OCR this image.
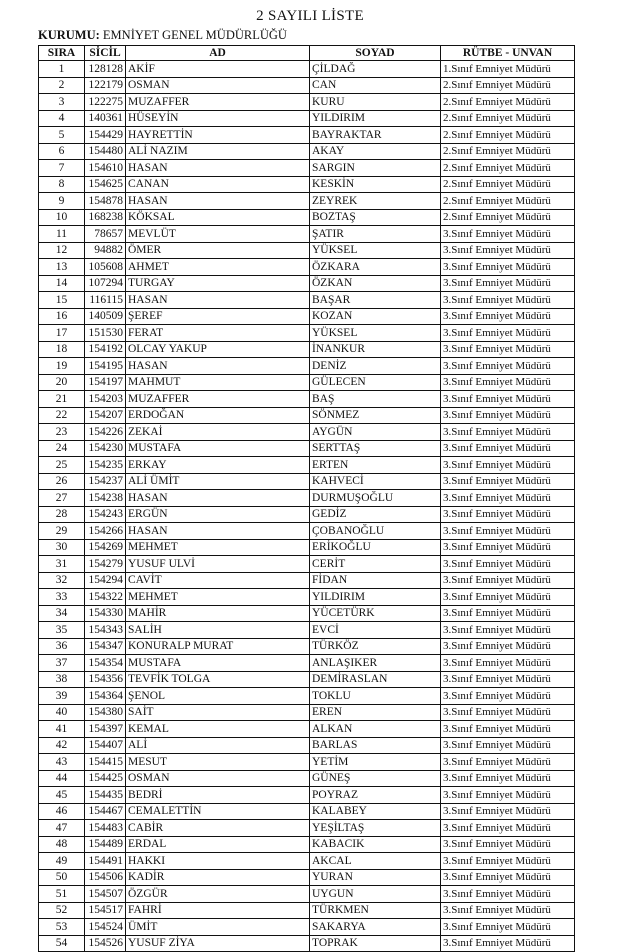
2 SAYILI LİSTE
KURUMU: EMNİYET GENEL MÜDÜRLÜĞÜ
SIRA	SİCİL	AD	SOYAD	RÜTBE - UNVAN
1	128128	AKİF	ÇİLDAĞ	1.Sınıf Emniyet Müdürü
2	122179	OSMAN	CAN	2.Sınıf Emniyet Müdürü
3	122275	MUZAFFER	KURU	2.Sınıf Emniyet Müdürü
4	140361	HÜSEYİN	YILDIRIM	2.Sınıf Emniyet Müdürü
5	154429	HAYRETTİN	BAYRAKTAR	2.Sınıf Emniyet Müdürü
6	154480	ALİ NAZIM	AKAY	2.Sınıf Emniyet Müdürü
7	154610	HASAN	SARGIN	2.Sınıf Emniyet Müdürü
8	154625	CANAN	KESKİN	2.Sınıf Emniyet Müdürü
9	154878	HASAN	ZEYREK	2.Sınıf Emniyet Müdürü
10	168238	KÖKSAL	BOZTAŞ	2.Sınıf Emniyet Müdürü
11	78657	MEVLÜT	ŞATIR	3.Sınıf Emniyet Müdürü
12	94882	ÖMER	YÜKSEL	3.Sınıf Emniyet Müdürü
13	105608	AHMET	ÖZKARA	3.Sınıf Emniyet Müdürü
14	107294	TURGAY	ÖZKAN	3.Sınıf Emniyet Müdürü
15	116115	HASAN	BAŞAR	3.Sınıf Emniyet Müdürü
16	140509	ŞEREF	KOZAN	3.Sınıf Emniyet Müdürü
17	151530	FERAT	YÜKSEL	3.Sınıf Emniyet Müdürü
18	154192	OLCAY YAKUP	İNANKUR	3.Sınıf Emniyet Müdürü
19	154195	HASAN	DENİZ	3.Sınıf Emniyet Müdürü
20	154197	MAHMUT	GÜLECEN	3.Sınıf Emniyet Müdürü
21	154203	MUZAFFER	BAŞ	3.Sınıf Emniyet Müdürü
22	154207	ERDOĞAN	SÖNMEZ	3.Sınıf Emniyet Müdürü
23	154226	ZEKAİ	AYGÜN	3.Sınıf Emniyet Müdürü
24	154230	MUSTAFA	SERTTAŞ	3.Sınıf Emniyet Müdürü
25	154235	ERKAY	ERTEN	3.Sınıf Emniyet Müdürü
26	154237	ALİ ÜMİT	KAHVECİ	3.Sınıf Emniyet Müdürü
27	154238	HASAN	DURMUŞOĞLU	3.Sınıf Emniyet Müdürü
28	154243	ERGÜN	GEDİZ	3.Sınıf Emniyet Müdürü
29	154266	HASAN	ÇOBANOĞLU	3.Sınıf Emniyet Müdürü
30	154269	MEHMET	ERİKOĞLU	3.Sınıf Emniyet Müdürü
31	154279	YUSUF ULVİ	CERİT	3.Sınıf Emniyet Müdürü
32	154294	CAVİT	FİDAN	3.Sınıf Emniyet Müdürü
33	154322	MEHMET	YILDIRIM	3.Sınıf Emniyet Müdürü
34	154330	MAHİR	YÜCETÜRK	3.Sınıf Emniyet Müdürü
35	154343	SALİH	EVCİ	3.Sınıf Emniyet Müdürü
36	154347	KONURALP MURAT	TÜRKÖZ	3.Sınıf Emniyet Müdürü
37	154354	MUSTAFA	ANLAŞIKER	3.Sınıf Emniyet Müdürü
38	154356	TEVFİK TOLGA	DEMİRASLAN	3.Sınıf Emniyet Müdürü
39	154364	ŞENOL	TOKLU	3.Sınıf Emniyet Müdürü
40	154380	SAİT	EREN	3.Sınıf Emniyet Müdürü
41	154397	KEMAL	ALKAN	3.Sınıf Emniyet Müdürü
42	154407	ALİ	BARLAS	3.Sınıf Emniyet Müdürü
43	154415	MESUT	YETİM	3.Sınıf Emniyet Müdürü
44	154425	OSMAN	GÜNEŞ	3.Sınıf Emniyet Müdürü
45	154435	BEDRİ	POYRAZ	3.Sınıf Emniyet Müdürü
46	154467	CEMALETTİN	KALABEY	3.Sınıf Emniyet Müdürü
47	154483	CABİR	YEŞİLTAŞ	3.Sınıf Emniyet Müdürü
48	154489	ERDAL	KABACIK	3.Sınıf Emniyet Müdürü
49	154491	HAKKI	AKCAL	3.Sınıf Emniyet Müdürü
50	154506	KADİR	YURAN	3.Sınıf Emniyet Müdürü
51	154507	ÖZGÜR	UYGUN	3.Sınıf Emniyet Müdürü
52	154517	FAHRİ	TÜRKMEN	3.Sınıf Emniyet Müdürü
53	154524	ÜMİT	SAKARYA	3.Sınıf Emniyet Müdürü
54	154526	YUSUF ZİYA	TOPRAK	3.Sınıf Emniyet Müdürü
